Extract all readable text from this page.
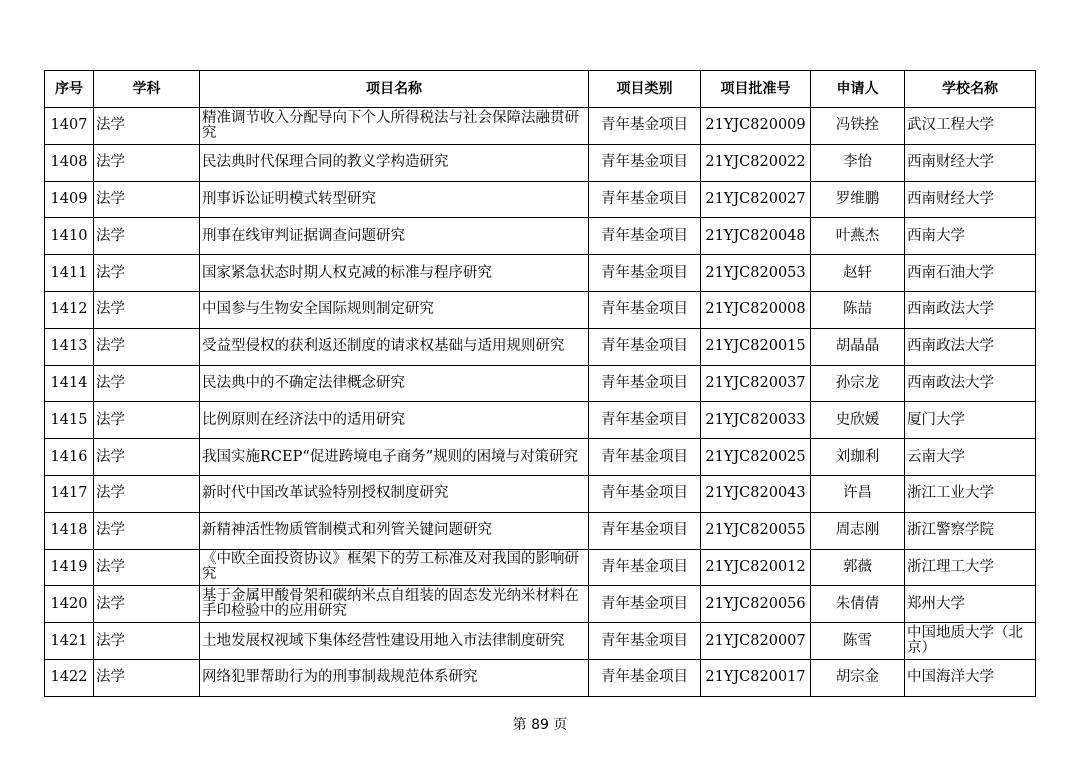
序号	学科	项目名称	项目类别	项目批准号	申请人	学校名称
1407	法学	精准调节收入分配导向下个人所得税法与社会保障法融贯研究	青年基金项目	21YJC820009	冯铁拴	武汉工程大学
1408	法学	民法典时代保理合同的教义学构造研究	青年基金项目	21YJC820022	李怡	西南财经大学
1409	法学	刑事诉讼证明模式转型研究	青年基金项目	21YJC820027	罗维鹏	西南财经大学
1410	法学	刑事在线审判证据调查问题研究	青年基金项目	21YJC820048	叶燕杰	西南大学
1411	法学	国家紧急状态时期人权克减的标准与程序研究	青年基金项目	21YJC820053	赵轩	西南石油大学
1412	法学	中国参与生物安全国际规则制定研究	青年基金项目	21YJC820008	陈喆	西南政法大学
1413	法学	受益型侵权的获利返还制度的请求权基础与适用规则研究	青年基金项目	21YJC820015	胡晶晶	西南政法大学
1414	法学	民法典中的不确定法律概念研究	青年基金项目	21YJC820037	孙宗龙	西南政法大学
1415	法学	比例原则在经济法中的适用研究	青年基金项目	21YJC820033	史欣媛	厦门大学
1416	法学	我国实施RCEP“促进跨境电子商务”规则的困境与对策研究	青年基金项目	21YJC820025	刘珈利	云南大学
1417	法学	新时代中国改革试验特别授权制度研究	青年基金项目	21YJC820043	许昌	浙江工业大学
1418	法学	新精神活性物质管制模式和列管关键问题研究	青年基金项目	21YJC820055	周志刚	浙江警察学院
1419	法学	《中欧全面投资协议》框架下的劳工标准及对我国的影响研究	青年基金项目	21YJC820012	郭薇	浙江理工大学
1420	法学	基于金属甲酸骨架和碳纳米点自组装的固态发光纳米材料在手印检验中的应用研究	青年基金项目	21YJC820056	朱倩倩	郑州大学
1421	法学	土地发展权视域下集体经营性建设用地入市法律制度研究	青年基金项目	21YJC820007	陈雪	中国地质大学（北京）
1422	法学	网络犯罪帮助行为的刑事制裁规范体系研究	青年基金项目	21YJC820017	胡宗金	中国海洋大学
第 89 页
